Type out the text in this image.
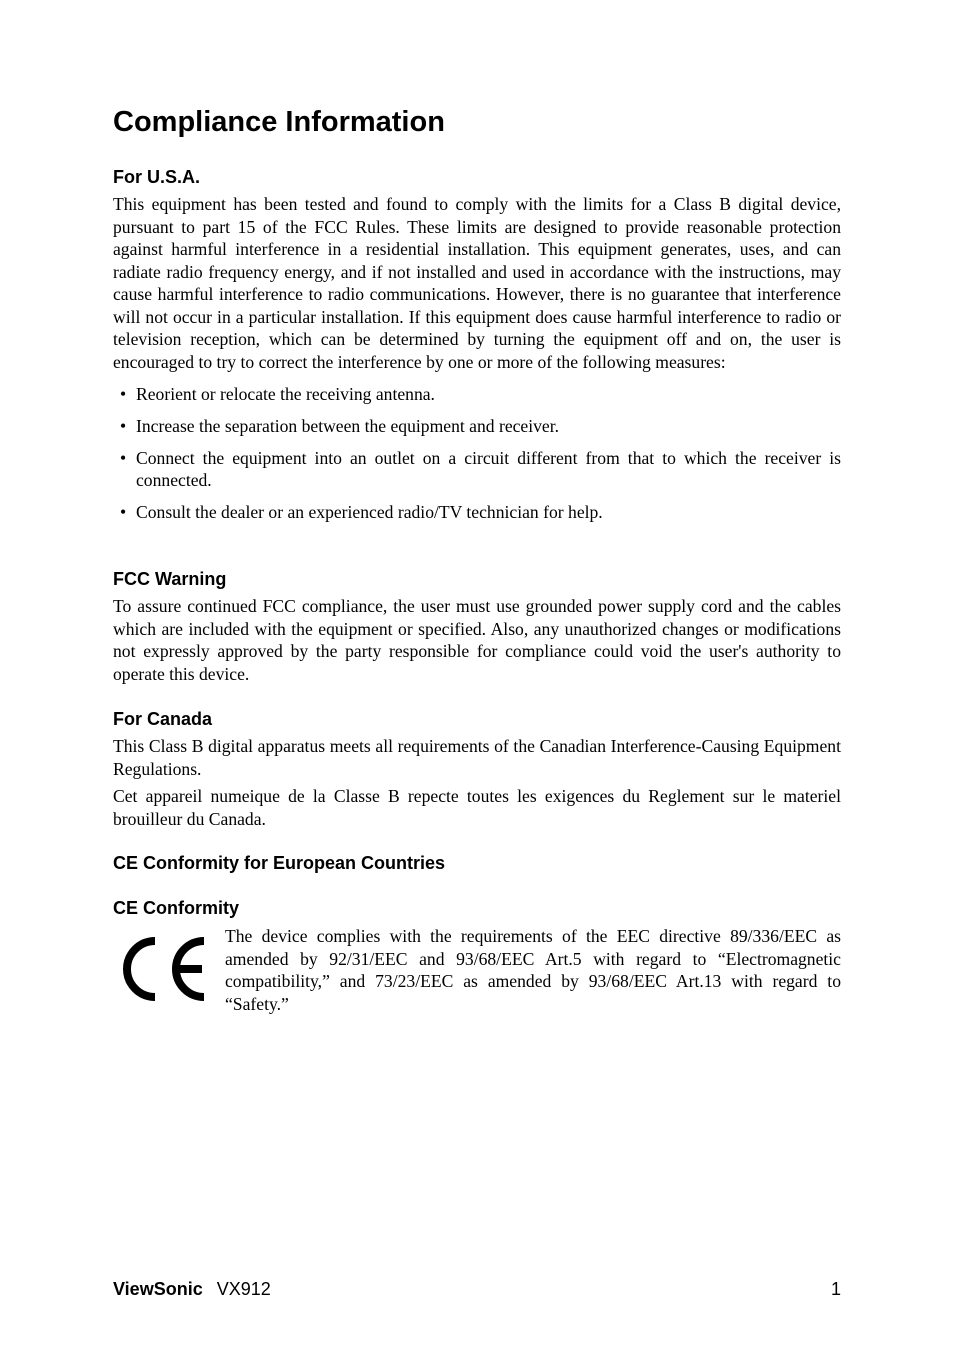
Compliance Information
For U.S.A.

This equipment has been tested and found to comply with the limits for a Class B digital device, pursuant to part 15 of the FCC Rules. These limits are designed to provide reasonable protection against harmful interference in a residential installation. This equipment generates, uses, and can radiate radio frequency energy, and if not installed and used in accordance with the instructions, may cause harmful interference to radio communications. However, there is no guarantee that interference will not occur in a particular installation. If this equipment does cause harmful interference to radio or television reception, which can be determined by turning the equipment off and on, the user is encouraged to try to correct the interference by one or more of the following measures:

• Reorient or relocate the receiving antenna.
• Increase the separation between the equipment and receiver.
• Connect the equipment into an outlet on a circuit different from that to which the receiver is connected.
• Consult the dealer or an experienced radio/TV technician for help.
FCC Warning

To assure continued FCC compliance, the user must use grounded power supply cord and the cables which are included with the equipment or specified. Also, any unauthorized changes or modifications not expressly approved by the party responsible for compliance could void the user's authority to operate this device.

For Canada

This Class B digital apparatus meets all requirements of the Canadian Interference-Causing Equipment Regulations.

Cet appareil numeique de la Classe B repecte toutes les exigences du Reglement sur le materiel brouilleur du Canada.

CE Conformity for European Countries
CE Conformity

The device complies with the requirements of the EEC directive 89/336/EEC as amended by 92/31/EEC and 93/68/EEC Art.5 with regard to “Electromagnetic compatibility,” and 73/23/EEC as amended by 93/68/EEC Art.13 with regard to “Safety.”

ViewSonic VX912	1
